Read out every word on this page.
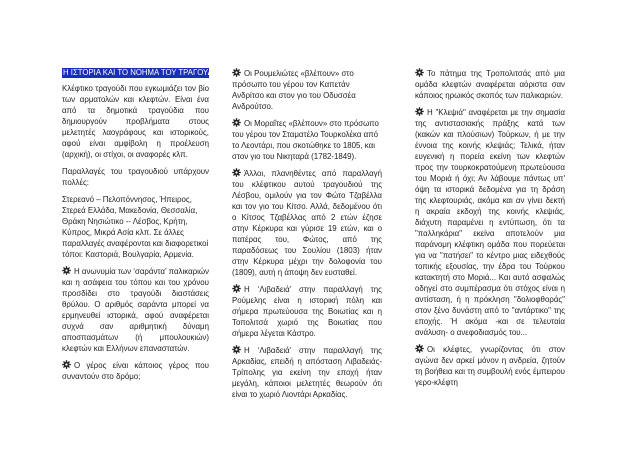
Η ΙΣΤΟΡΙΑ ΚΑΙ ΤΟ ΝΟΗΜΑ ΤΟΥ ΤΡΑΓΟΥΔΙΟΥ

Κλέφτικο τραγούδι που εγκωμιάζει τον βίο των αρματολών και κλεφτών. Είναι ένα από τα δημοτικά τραγούδια που δημιουργούν προβλήματα στους μελετητές λαογράφους και ιστορικούς, αφού είναι αμφίβολη η προέλευση (αρχική), οι στίχοι, οι αναφορές κλπ.

Παραλλαγές του τραγουδιού υπάρχουν πολλές:

Στερεανό – Πελοπόννησος, Ήπειρος, Στερεά Ελλάδα, Μακεδονία, Θεσσαλία, Θράκη Νησιώτικο -- Λέσβος, Κρήτη, Κύπρος, Μικρά Ασία κλπ. Σε άλλες παραλλαγές αναφέρονται και διαφορετικοί τόποι: Καστοριά, Βουλγαρία, Αρμενία.

Η ανωνυμία των ‘σαράντα’ παλικαριών και η ασάφεια του τόπου και του χρόνου προσδίδει στο τραγούδι διαστάσεις θρύλου. Ο αριθμός σαράντα μπορεί να ερμηνευθεί ιστορικά, αφού αναφέρεται συχνά σαν αριθμητική δύναμη αποσπασμάτων (ή μπουλουκιών) κλεφτών και Ελλήνων επαναστατών.

Ο γέρος είναι κάποιος γέρος που συναντούν στο δρόμο;

Οι Ρουμελιώτες «βλέπουν» στο πρόσωπο του γέρου τον Καπετάν Ανδρίτσο και στον γιο του Οδυσσέα Ανδρούτσο.

Οι Μοραΐτες «βλέπουν» στο πρόσωπο του γέρου τον Σταματέλο Τουρκολέκα από το Λεοντάρι, που σκοτώθηκε το 1805, και στον γιο του Νικηταρά (1782-1849).

Άλλοι, πλανηθέντες από παραλλαγή του κλέφτικου αυτού τραγουδιού της Λέσβου, ομιλούν για τον Φώτο Τζαβέλλα και τον γιο του Κίτσο. Αλλά, δεδομένου ότι ο Κίτσος Τζαβέλλας από 2 ετών έζησε στην Κέρκυρα και γύρισε 19 ετών, και ο πατέρας του, Φώτος, από της παραδόσεως του Σουλίου (1803) ήταν στην Κέρκυρα μέχρι την δολοφονία του (1809), αυτή η άποψη δεν ευσταθεί.

Η ‘Λιβαδειά’ στην παραλλαγή της Ρούμελης είναι η ιστορική πόλη και σήμερα πρωτεύουσα της Βοιωτίας και η Τοπολιτσά χωριό της Βοιωτίας που σήμερα λέγεται Κάστρο.

Η ‘Λιβαδειά’ στην παραλλαγή της Αρκαδίας, επειδή η απόσταση Λιβαδειάς-Τρίπολης για εκείνη την εποχή ήταν μεγάλη, κάποιοι μελετητές θεωρούν ότι είναι το χωριό Λιοντάρι Αρκαδίας.

Το πάτημα της Τροπολιτσάς από μια ομάδα κλεφτών αναφέρεται αόριστα σαν κάποιος ηρωικός σκοπός των παλικαριών.

Η "Κλεψιά" αναφέρεται με την σημασία της αντιστασιακής πράξης κατά των (κακών και πλούσιων) Τούρκων, ή με την έννοια της κοινής κλεψιάς; Τελικά, ήταν ευγενική η πορεία εκείνη των κλεφτών προς την τουρκοκρατούμενη πρωτεύουσα του Μοριά ή όχι; Αν λάβουμε πάντως υπ' όψη τα ιστορικά δεδομένα για τη δράση της κλεφτουριάς, ακόμα και αν γίνει δεκτή η ακραία εκδοχή της κοινής κλεψιάς, διάχυτη παραμένει η εντύπωση, ότι τα "παλληκάρια" εκείνα αποτελούν μια παράνομη κλέφτικη ομάδα που πορεύεται για να "πατήσει" το κέντρο μιας ειδεχθούς τοπικής εξουσίας, την έδρα του Τούρκου κατακτητή στο Μοριά... Και αυτό ασφαλώς οδηγεί στο συμπέρασμα ότι στόχος είναι η αντίσταση, ή η πρόκληση "δολιοφθοράς" στον ξένο δυνάστη από το "αντάρτικο" της εποχής. Ή ακόμα -και σε τελευταία ανάλυση- ο ανεφοδιασμός του...

Οι κλέφτες, γνωρίζοντας ότι στον αγώνα δεν αρκεί μόνον η ανδρεία, ζητούν τη βοήθεια και τη συμβουλή ενός έμπειρου γερο-κλέφτη
